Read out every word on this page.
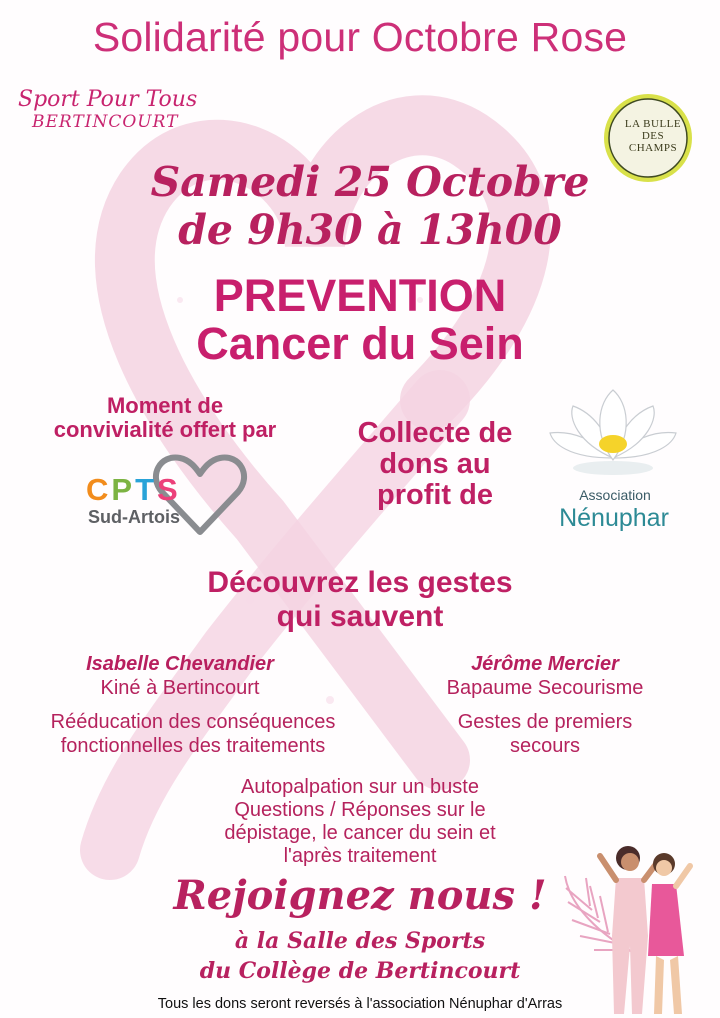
Solidarité pour Octobre Rose
Sport Pour Tous
BERTINCOURT	LA BULLE
DES
CHAMPS
Samedi 25 Octobre
de 9h30 à 13h00
PREVENTION
Cancer du Sein
Moment de
convivialité offert par
CPTS
Sud-Artois
Collecte de
dons au
profit de	Association
Nénuphar
Découvrez les gestes
qui sauvent
Isabelle Chevandier
Kiné à Bertincourt
Jérôme Mercier
Bapaume Secourisme
Rééducation des conséquences
fonctionnelles des traitements
Gestes de premiers
secours
Autopalpation sur un buste
Questions / Réponses sur le
dépistage, le cancer du sein et
l'après traitement
Rejoignez nous !
à la Salle des Sports
du Collège de Bertincourt
Tous les dons seront reversés à l'association Nénuphar d'Arras
